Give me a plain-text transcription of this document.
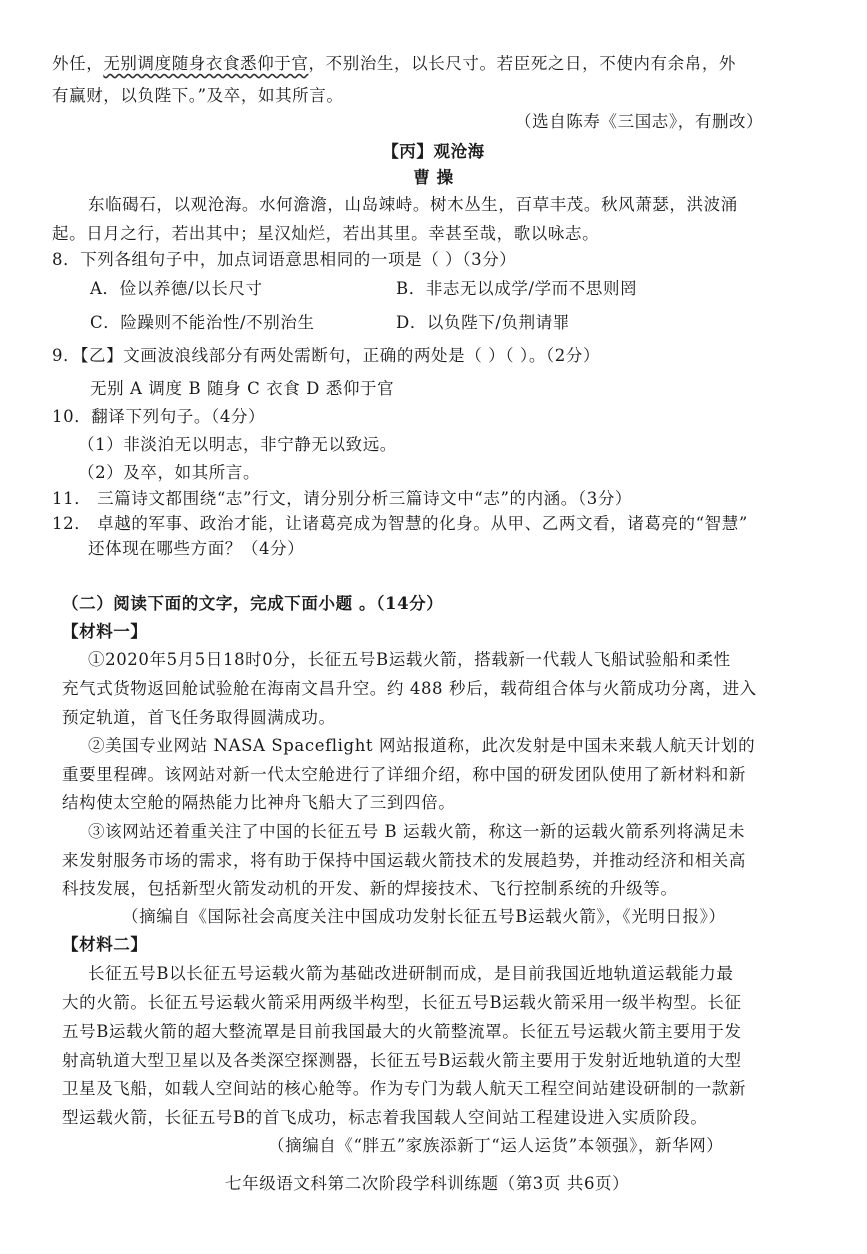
外任，无别调度随身衣食悉仰于官，不别治生，以长尺寸。若臣死之日，不使内有余帛，外
有赢财，以负陛下。”及卒，如其所言。
（选自陈寿《三国志》，有删改）
【丙】观沧海
曹 操
东临碣石，以观沧海。水何澹澹，山岛竦峙。树木丛生，百草丰茂。秋风萧瑟，洪波涌
起。日月之行，若出其中；星汉灿烂，若出其里。幸甚至哉，歌以咏志。
8．下列各组句子中，加点词语意思相同的一项是（ ）（3分）
A．俭以养德/以长尺寸	B．非志无以成学/学而不思则罔
C．险躁则不能治性/不别治生	D．以负陛下/负荆请罪
9．【乙】文画波浪线部分有两处需断句，正确的两处是（ ）（ ）。（2分）
无别 A 调度 B 随身 C 衣食 D 悉仰于官
10．翻译下列句子。（4分）
（1）非淡泊无以明志，非宁静无以致远。
（2）及卒，如其所言。
11． 三篇诗文都围绕“志”行文，请分别分析三篇诗文中“志”的内涵。（3分）
12． 卓越的军事、政治才能，让诸葛亮成为智慧的化身。从甲、乙两文看，诸葛亮的“智慧”
还体现在哪些方面？（4分）
（二）阅读下面的文字，完成下面小题 。（14分）
【材料一】
①2020年5月5日18时0分，长征五号B运载火箭，搭载新一代载人飞船试验船和柔性
充气式货物返回舱试验舱在海南文昌升空。约 488 秒后，载荷组合体与火箭成功分离，进入
预定轨道，首飞任务取得圆满成功。
②美国专业网站 NASA Spaceflight 网站报道称，此次发射是中国未来载人航天计划的
重要里程碑。该网站对新一代太空舱进行了详细介绍，称中国的研发团队使用了新材料和新
结构使太空舱的隔热能力比神舟飞船大了三到四倍。
③该网站还着重关注了中国的长征五号 B 运载火箭，称这一新的运载火箭系列将满足未
来发射服务市场的需求，将有助于保持中国运载火箭技术的发展趋势，并推动经济和相关高
科技发展，包括新型火箭发动机的开发、新的焊接技术、飞行控制系统的升级等。
（摘编自《国际社会高度关注中国成功发射长征五号B运载火箭》，《光明日报》）
【材料二】
长征五号B以长征五号运载火箭为基础改进研制而成，是目前我国近地轨道运载能力最
大的火箭。长征五号运载火箭采用两级半构型，长征五号B运载火箭采用一级半构型。长征
五号B运载火箭的超大整流罩是目前我国最大的火箭整流罩。长征五号运载火箭主要用于发
射高轨道大型卫星以及各类深空探测器，长征五号B运载火箭主要用于发射近地轨道的大型
卫星及飞船，如载人空间站的核心舱等。作为专门为载人航天工程空间站建设研制的一款新
型运载火箭，长征五号B的首飞成功，标志着我国载人空间站工程建设进入实质阶段。
（摘编自《“胖五”家族添新丁“运人运货”本领强》，新华网）
七年级语文科第二次阶段学科训练题（第3页 共6页）
